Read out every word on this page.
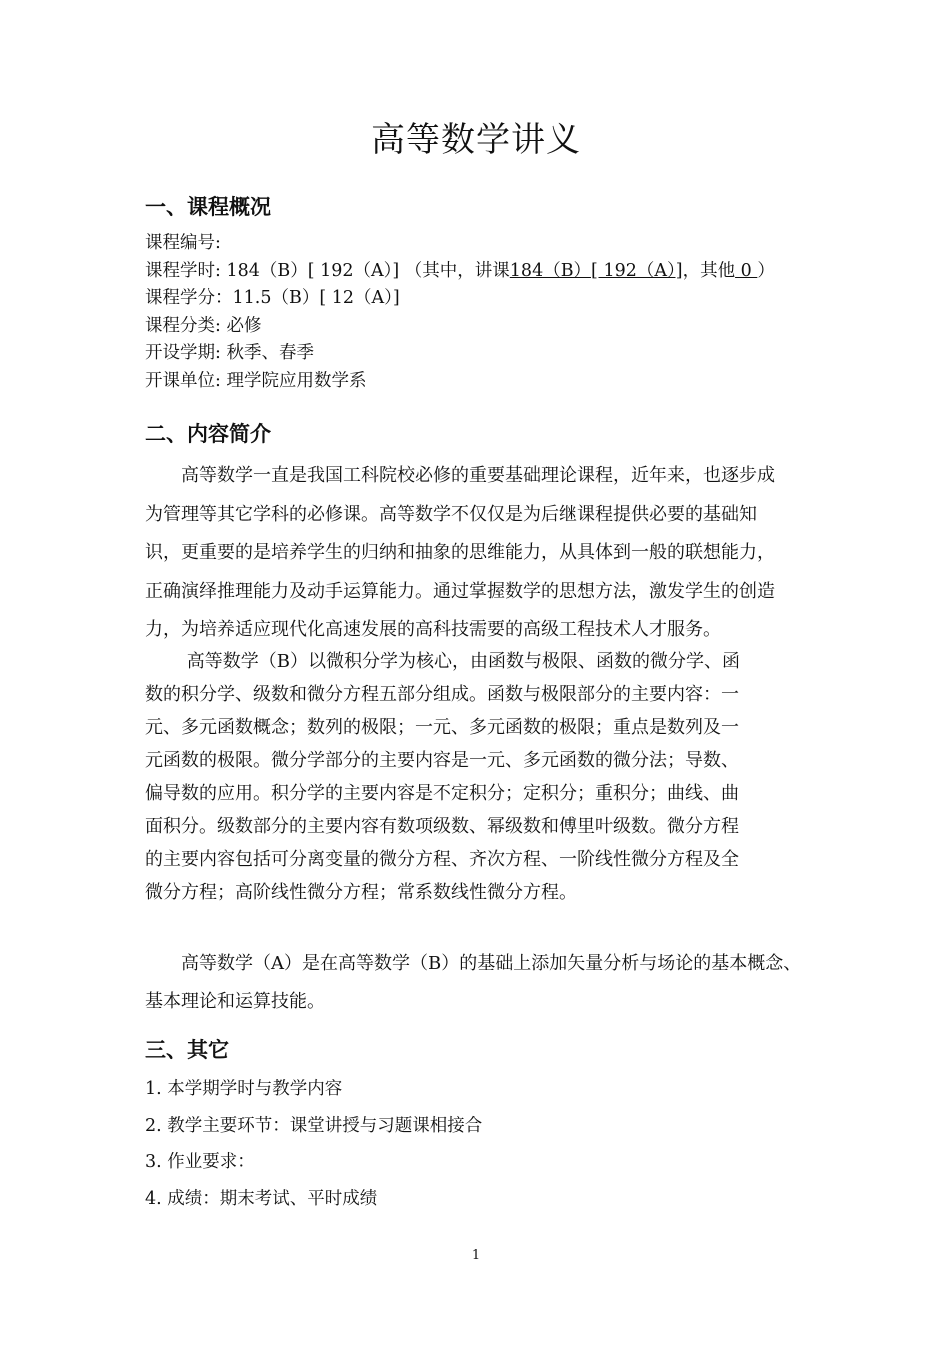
高等数学讲义
一、课程概况
课程编号:
课程学时: 184（B）[ 192（A）] （其中，讲课184（B）[ 192（A）]，其他 0 ）
课程学分：11.5（B）[ 12（A）]
课程分类: 必修
开设学期: 秋季、春季
开课单位: 理学院应用数学系
二、内容简介
　　高等数学一直是我国工科院校必修的重要基础理论课程，近年来，也逐步成
为管理等其它学科的必修课。高等数学不仅仅是为后继课程提供必要的基础知
识，更重要的是培养学生的归纳和抽象的思维能力，从具体到一般的联想能力，
正确演绎推理能力及动手运算能力。通过掌握数学的思想方法，激发学生的创造
力，为培养适应现代化高速发展的高科技需要的高级工程技术人才服务。
　　 高等数学（B）以微积分学为核心，由函数与极限、函数的微分学、函
数的积分学、级数和微分方程五部分组成。函数与极限部分的主要内容：一
元、多元函数概念；数列的极限；一元、多元函数的极限；重点是数列及一
元函数的极限。微分学部分的主要内容是一元、多元函数的微分法；导数、
偏导数的应用。积分学的主要内容是不定积分；定积分；重积分；曲线、曲
面积分。级数部分的主要内容有数项级数、幂级数和傅里叶级数。微分方程
的主要内容包括可分离变量的微分方程、齐次方程、一阶线性微分方程及全
微分方程；高阶线性微分方程；常系数线性微分方程。
　　高等数学（A）是在高等数学（B）的基础上添加矢量分析与场论的基本概念、
基本理论和运算技能。
三、其它
1. 本学期学时与教学内容
2. 教学主要环节：课堂讲授与习题课相接合
3. 作业要求：
4. 成绩：期末考试、平时成绩
1
